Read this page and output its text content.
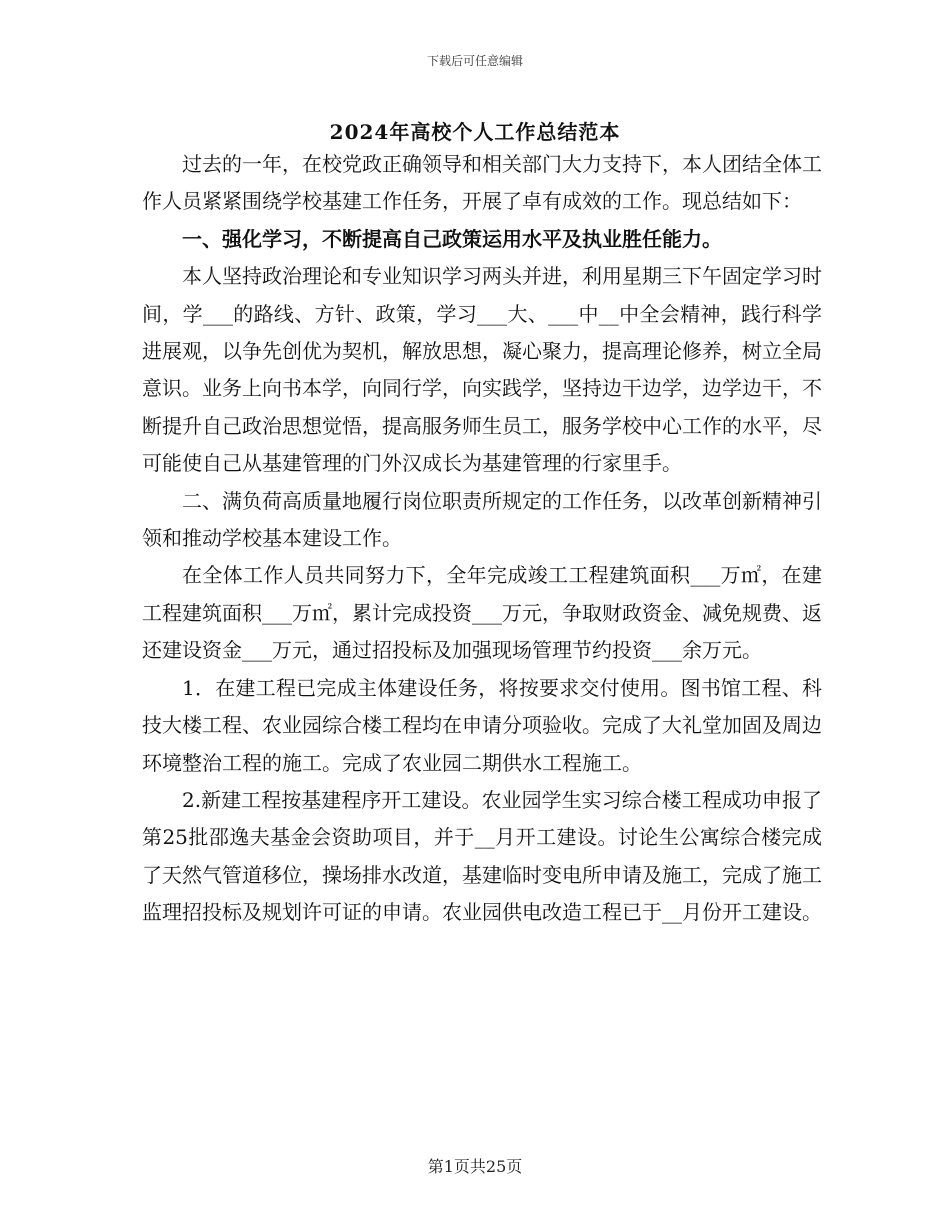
下载后可任意编辑
2024年高校个人工作总结范本

过去的一年，在校党政正确领导和相关部门大力支持下，本人团结全体工作人员紧紧围绕学校基建工作任务，开展了卓有成效的工作。现总结如下：

一、强化学习，不断提高自己政策运用水平及执业胜任能力。

本人坚持政治理论和专业知识学习两头并进，利用星期三下午固定学习时间，学___的路线、方针、政策，学习___大、___中__中全会精神，践行科学进展观，以争先创优为契机，解放思想，凝心聚力，提高理论修养，树立全局意识。业务上向书本学，向同行学，向实践学，坚持边干边学，边学边干，不断提升自己政治思想觉悟，提高服务师生员工，服务学校中心工作的水平，尽可能使自己从基建管理的门外汉成长为基建管理的行家里手。

二、满负荷高质量地履行岗位职责所规定的工作任务，以改革创新精神引领和推动学校基本建设工作。

在全体工作人员共同努力下，全年完成竣工工程建筑面积___万㎡，在建工程建筑面积___万㎡，累计完成投资___万元，争取财政资金、减免规费、返还建设资金___万元，通过招投标及加强现场管理节约投资___余万元。

1．在建工程已完成主体建设任务，将按要求交付使用。图书馆工程、科技大楼工程、农业园综合楼工程均在申请分项验收。完成了大礼堂加固及周边环境整治工程的施工。完成了农业园二期供水工程施工。

2.新建工程按基建程序开工建设。农业园学生实习综合楼工程成功申报了第25批邵逸夫基金会资助项目，并于__月开工建设。讨论生公寓综合楼完成了天然气管道移位，操场排水改道，基建临时变电所申请及施工，完成了施工监理招投标及规划许可证的申请。农业园供电改造工程已于__月份开工建设。

第1页共25页
